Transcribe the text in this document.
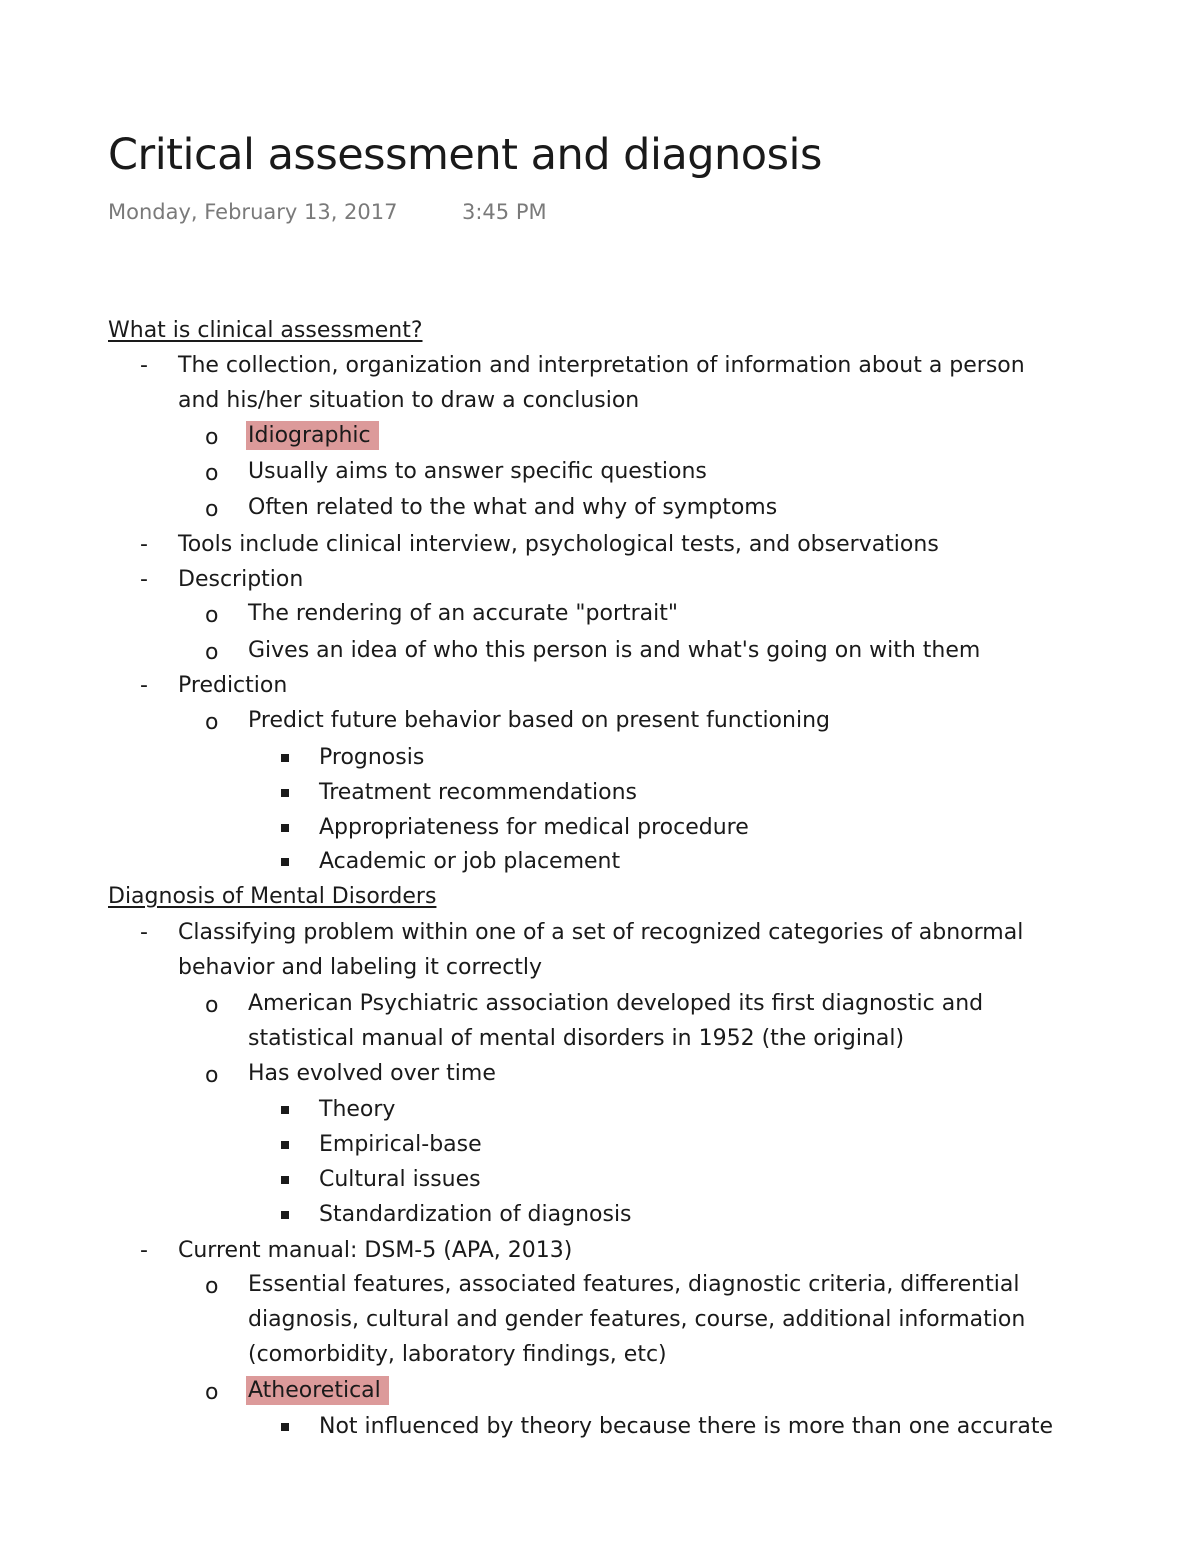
Critical assessment and diagnosis
Monday, February 13, 2017	3:45 PM
What is clinical assessment?
- The collection, organization and interpretation of information about a person
and his/her situation to draw a conclusion
o Idiographic
o Usually aims to answer specific questions
o Often related to the what and why of symptoms
- Tools include clinical interview, psychological tests, and observations
- Description
o The rendering of an accurate "portrait"
o Gives an idea of who this person is and what's going on with them
- Prediction
o Predict future behavior based on present functioning
Prognosis
Treatment recommendations
Appropriateness for medical procedure
Academic or job placement
Diagnosis of Mental Disorders
- Classifying problem within one of a set of recognized categories of abnormal
behavior and labeling it correctly
o American Psychiatric association developed its first diagnostic and
statistical manual of mental disorders in 1952 (the original)
o Has evolved over time
Theory
Empirical-base
Cultural issues
Standardization of diagnosis
- Current manual: DSM-5 (APA, 2013)
o Essential features, associated features, diagnostic criteria, differential
diagnosis, cultural and gender features, course, additional information
(comorbidity, laboratory findings, etc)
o Atheoretical
Not influenced by theory because there is more than one accurate
